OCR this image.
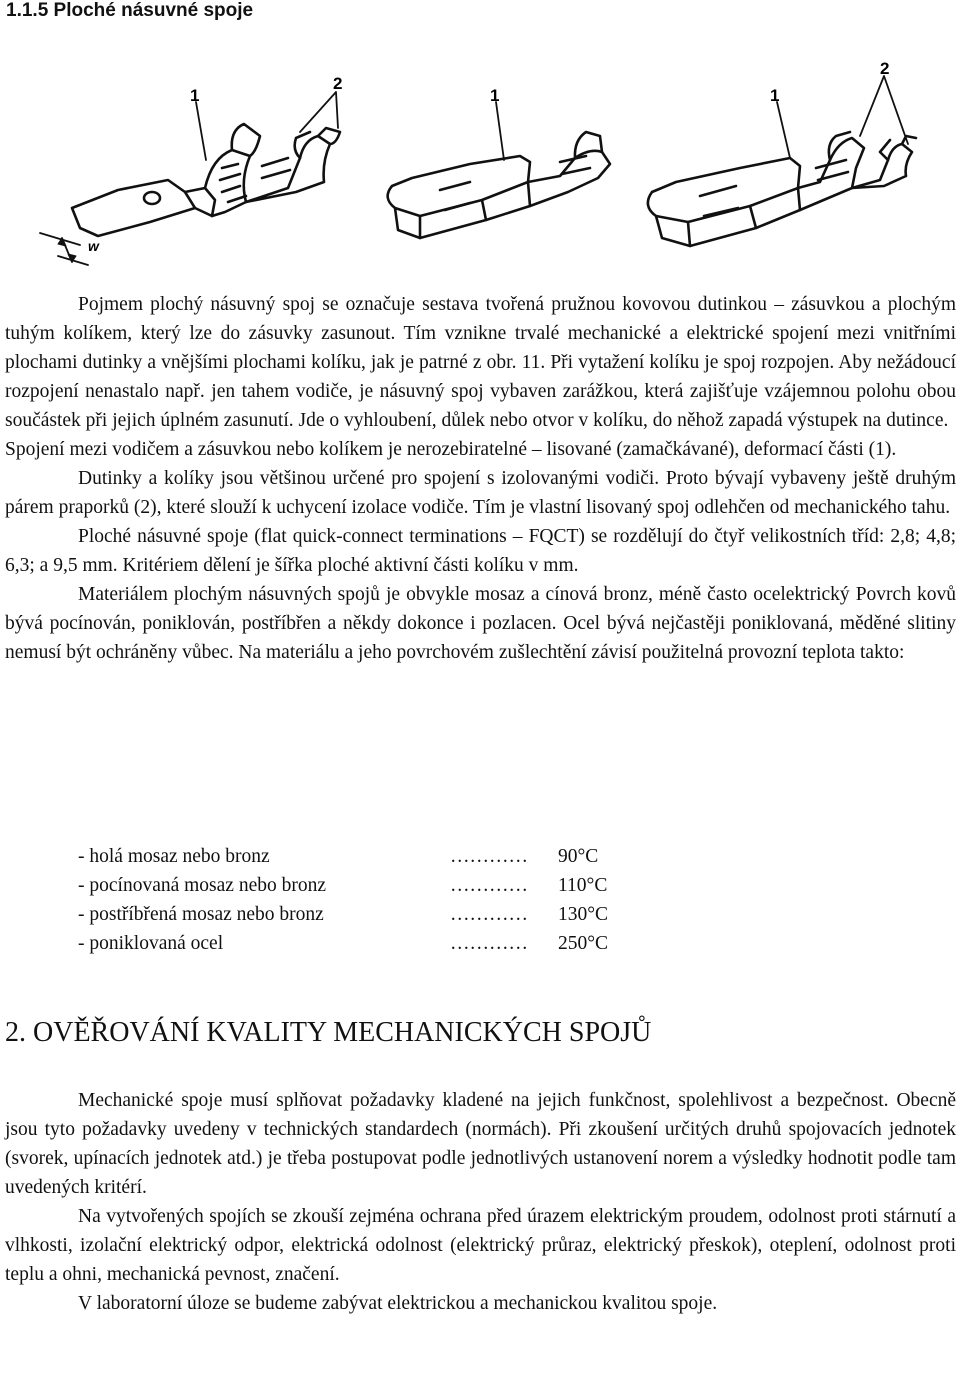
1.1.5 Ploché násuvné spoje
1
2
1	1
2
w

Pojmem plochý násuvný spoj se označuje sestava tvořená pružnou kovovou dutinkou – zásuvkou a plochým tuhým kolíkem, který lze do zásuvky zasunout. Tím vznikne trvalé mechanické a elektrické spojení mezi vnitřními plochami dutinky a vnějšími plochami kolíku, jak je patrné z obr. 11. Při vytažení kolíku je spoj rozpojen. Aby nežádoucí rozpojení nenastalo např. jen tahem vodiče, je násuvný spoj vybaven zarážkou, která zajišťuje vzájemnou polohu obou součástek při jejich úplném zasunutí. Jde o vyhloubení, důlek nebo otvor v kolíku, do něhož zapadá výstupek na dutince.

Spojení mezi vodičem a zásuvkou nebo kolíkem je nerozebiratelné – lisované (zamačkávané), deformací části (1).

Dutinky a kolíky jsou většinou určené pro spojení s izolovanými vodiči. Proto bývají vybaveny ještě druhým párem praporků (2), které slouží k uchycení izolace vodiče. Tím je vlastní lisovaný spoj odlehčen od mechanického tahu.

Ploché násuvné spoje (flat quick-connect terminations – FQCT) se rozdělují do čtyř velikostních tříd: 2,8; 4,8; 6,3; a 9,5 mm. Kritériem dělení je šířka ploché aktivní části kolíku v mm.

Materiálem plochým násuvných spojů je obvykle mosaz a cínová bronz, méně často ocelektrický Povrch kovů bývá pocínován, poniklován, postříbřen a někdy dokonce i pozlacen. Ocel bývá nejčastěji poniklovaná, měděné slitiny nemusí být ochráněny vůbec. Na materiálu a jeho povrchovém zušlechtění závisí použitelná provozní teplota takto:

- holá mosaz nebo bronz	………… 90°C
- pocínovaná mosaz nebo bronz	………… 110°C
- postříbřená mosaz nebo bronz	………… 130°C
- poniklovaná ocel	………… 250°C
2. OVĚŘOVÁNÍ KVALITY MECHANICKÝCH SPOJŮ

Mechanické spoje musí splňovat požadavky kladené na jejich funkčnost, spolehlivost a bezpečnost. Obecně jsou tyto požadavky uvedeny v technických standardech (normách). Při zkoušení určitých druhů spojovacích jednotek (svorek, upínacích jednotek atd.) je třeba postupovat podle jednotlivých ustanovení norem a výsledky hodnotit podle tam uvedených kritérí.

Na vytvořených spojích se zkouší zejména ochrana před úrazem elektrickým proudem, odolnost proti stárnutí a vlhkosti, izolační elektrický odpor, elektrická odolnost (elektrický průraz, elektrický přeskok), oteplení, odolnost proti teplu a ohni, mechanická pevnost, značení.

V laboratorní úloze se budeme zabývat elektrickou a mechanickou kvalitou spoje.
